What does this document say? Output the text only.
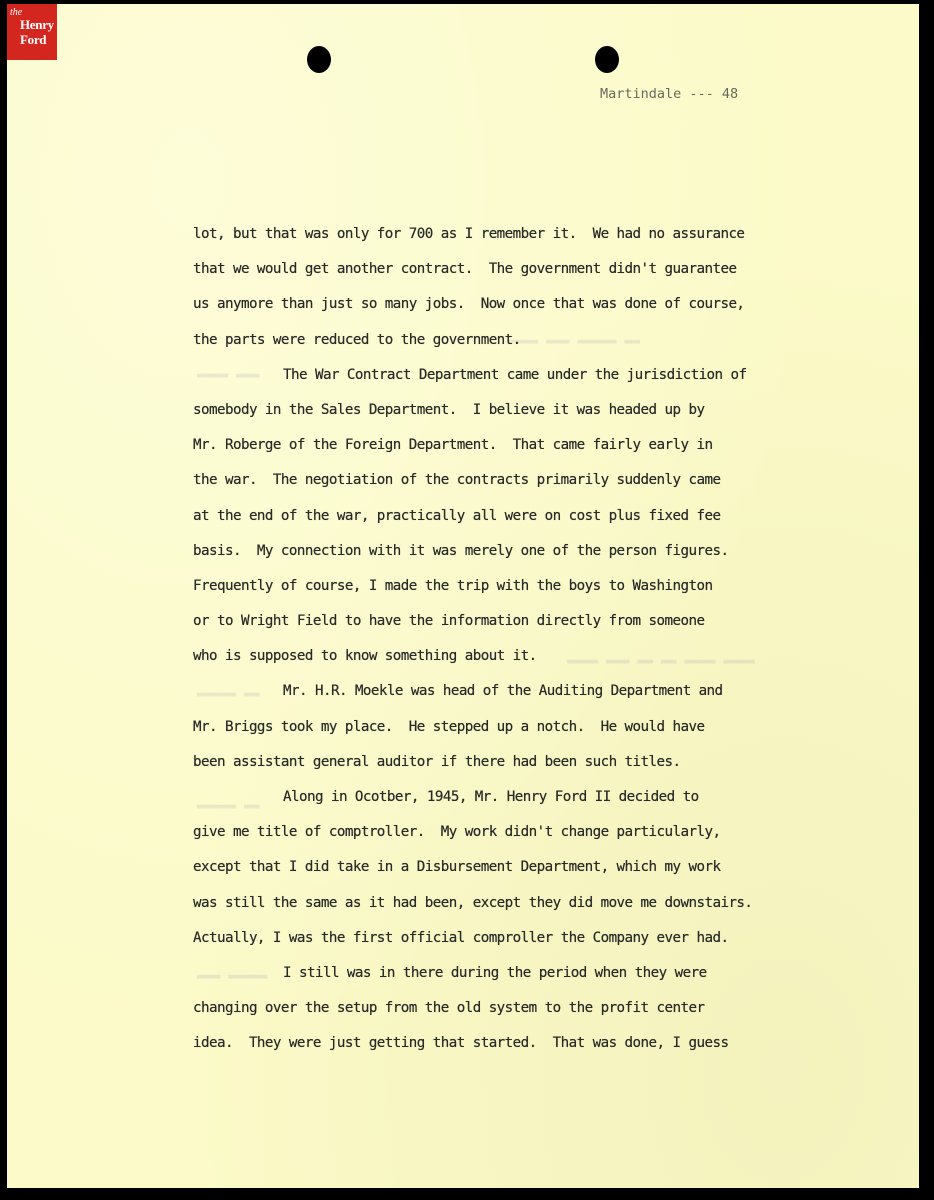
the
Henry
Ford
▬▬▬▬ ▬▬▬ ▬▬▬▬▬ ▬▬
▬▬▬▬ ▬▬▬
▬▬▬▬ ▬▬▬ ▬▬ ▬▬ ▬▬▬▬ ▬▬▬▬
▬▬▬▬▬ ▬▬
▬▬▬▬▬ ▬▬
▬▬▬ ▬▬▬▬▬
Martindale --- 48
lot, but that was only for 700 as I remember it.  We had no assurance
that we would get another contract.  The government didn't guarantee
us anymore than just so many jobs.  Now once that was done of course,
the parts were reduced to the government.
The War Contract Department came under the jurisdiction of
somebody in the Sales Department.  I believe it was headed up by
Mr. Roberge of the Foreign Department.  That came fairly early in
the war.  The negotiation of the contracts primarily suddenly came
at the end of the war, practically all were on cost plus fixed fee
basis.  My connection with it was merely one of the person figures.
Frequently of course, I made the trip with the boys to Washington
or to Wright Field to have the information directly from someone
who is supposed to know something about it.
Mr. H.R. Moekle was head of the Auditing Department and
Mr. Briggs took my place.  He stepped up a notch.  He would have
been assistant general auditor if there had been such titles.
Along in Ocotber, 1945, Mr. Henry Ford II decided to
give me title of comptroller.  My work didn't change particularly,
except that I did take in a Disbursement Department, which my work
was still the same as it had been, except they did move me downstairs.
Actually, I was the first official comproller the Company ever had.
I still was in there during the period when they were
changing over the setup from the old system to the profit center
idea.  They were just getting that started.  That was done, I guess
